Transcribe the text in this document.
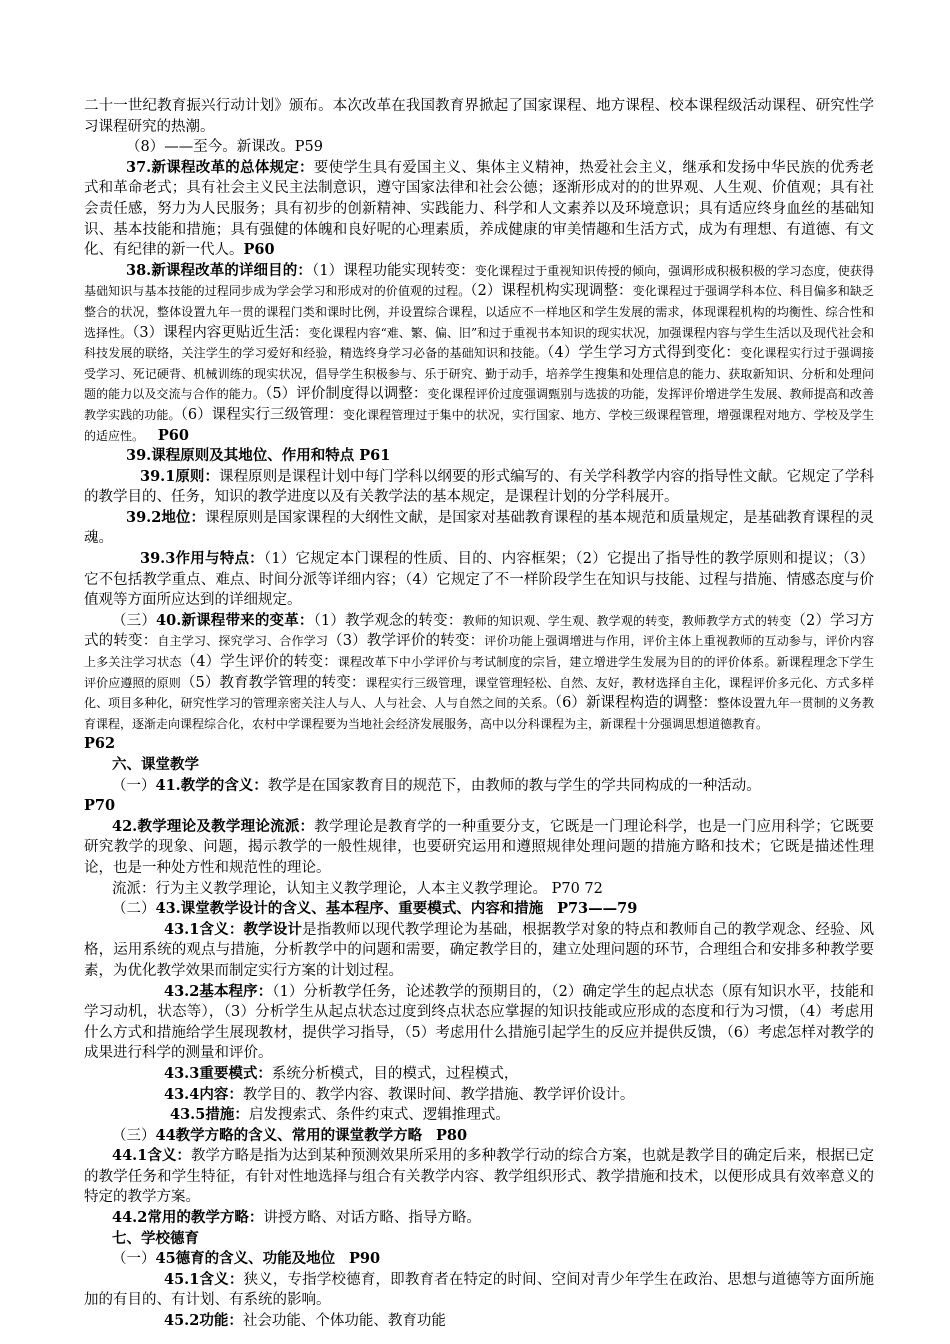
二十一世纪教育振兴行动计划》颁布。本次改革在我国教育界掀起了国家课程、地方课程、校本课程级活动课程、研究性学习课程研究的热潮。

（8）——至今。新课改。P59

37.新课程改革的总体规定：要使学生具有爱国主义、集体主义精神，热爱社会主义，继承和发扬中华民族的优秀老式和革命老式；具有社会主义民主法制意识，遵守国家法律和社会公德；逐渐形成对的的世界观、人生观、价值观；具有社会责任感，努力为人民服务；具有初步的创新精神、实践能力、科学和人文素养以及环境意识；具有适应终身血丝的基础知识、基本技能和措施；具有强健的体魄和良好呢的心理素质，养成健康的审美情趣和生活方式，成为有理想、有道德、有文化、有纪律的新一代人。P60

38.新课程改革的详细目的：（1）课程功能实现转变：变化课程过于重视知识传授的倾向，强调形成积极积极的学习态度，使获得基础知识与基本技能的过程同步成为学会学习和形成对的价值观的过程。（2）课程机构实现调整：变化课程过于强调学科本位、科目偏多和缺乏整合的状况，整体设置九年一贯的课程门类和课时比例，并设置综合课程，以适应不一样地区和学生发展的需求，体现课程机构的均衡性、综合性和选择性。（3）课程内容更贴近生活：变化课程内容“难、繁、偏、旧”和过于重视书本知识的现实状况，加强课程内容与学生生活以及现代社会和科技发展的联络，关注学生的学习爱好和经验，精选终身学习必备的基础知识和技能。（4）学生学习方式得到变化：变化课程实行过于强调接受学习、死记硬背、机械训练的现实状况，倡导学生积极参与、乐于研究、勤于动手，培养学生搜集和处理信息的能力、获取新知识、分析和处理问题的能力以及交流与合作的能力。（5）评价制度得以调整：变化课程评价过度强调甄别与选拔的功能，发挥评价增进学生发展、教师提高和改善教学实践的功能。（6）课程实行三级管理：变化课程管理过于集中的状况，实行国家、地方、学校三级课程管理，增强课程对地方、学校及学生的适应性。 P60

39.课程原则及其地位、作用和特点 P61

39.1原则：课程原则是课程计划中每门学科以纲要的形式编写的、有关学科教学内容的指导性文献。它规定了学科的教学目的、任务，知识的教学进度以及有关教学法的基本规定，是课程计划的分学科展开。

39.2地位：课程原则是国家课程的大纲性文献，是国家对基础教育课程的基本规范和质量规定，是基础教育课程的灵魂。

39.3作用与特点：（1）它规定本门课程的性质、目的、内容框架；（2）它提出了指导性的教学原则和提议；（3）它不包括教学重点、难点、时间分派等详细内容；（4）它规定了不一样阶段学生在知识与技能、过程与措施、情感态度与价值观等方面所应达到的详细规定。

（三）40.新课程带来的变革：（1）教学观念的转变：教师的知识观、学生观、教学观的转变，教师教学方式的转变（2）学习方式的转变：自主学习、探究学习、合作学习（3）教学评价的转变：评价功能上强调增进与作用，评价主体上重视教师的互动参与，评价内容上多关注学习状态（4）学生评价的转变：课程改革下中小学评价与考试制度的宗旨，建立增进学生发展为目的的评价体系。新课程理念下学生评价应遵照的原则（5）教育教学管理的转变：课程实行三级管理，课堂管理轻松、自然、友好，教材选择自主化，课程评价多元化、方式多样化、项目多种化，研究性学习的管理亲密关注人与人、人与社会、人与自然之间的关系。（6）新课程构造的调整：整体设置九年一贯制的义务教育课程，逐渐走向课程综合化，农村中学课程要为当地社会经济发展服务，高中以分科课程为主，新课程十分强调思想道德教育。
P62

六、课堂教学

（一）41.教学的含义：教学是在国家教育目的规范下，由教师的教与学生的学共同构成的一种活动。
P70

42.教学理论及教学理论流派：教学理论是教育学的一种重要分支，它既是一门理论科学，也是一门应用科学；它既要研究教学的现象、问题，揭示教学的一般性规律，也要研究运用和遵照规律处理问题的措施方略和技术；它既是描述性理论，也是一种处方性和规范性的理论。

流派：行为主义教学理论，认知主义教学理论，人本主义教学理论。 P70 72

（二）43.课堂教学设计的含义、基本程序、重要模式、内容和措施 P73——79

43.1含义：教学设计是指教师以现代教学理论为基础，根据教学对象的特点和教师自己的教学观念、经验、风格，运用系统的观点与措施，分析教学中的问题和需要，确定教学目的，建立处理问题的环节，合理组合和安排多种教学要素，为优化教学效果而制定实行方案的计划过程。

43.2基本程序：（1）分析教学任务，论述教学的预期目的，（2）确定学生的起点状态（原有知识水平，技能和学习动机，状态等），（3）分析学生从起点状态过度到终点状态应掌握的知识技能或应形成的态度和行为习惯，（4）考虑用什么方式和措施给学生展现教材，提供学习指导，（5）考虑用什么措施引起学生的反应并提供反馈，（6）考虑怎样对教学的成果进行科学的测量和评价。

43.3重要模式：系统分析模式，目的模式，过程模式，

43.4内容：教学目的、教学内容、教课时间、教学措施、教学评价设计。

43.5措施：启发搜索式、条件约束式、逻辑推理式。

（三）44教学方略的含义、常用的课堂教学方略 P80

44.1含义：教学方略是指为达到某种预测效果所采用的多种教学行动的综合方案，也就是教学目的确定后来，根据已定的教学任务和学生特征，有针对性地选择与组合有关教学内容、教学组织形式、教学措施和技术，以便形成具有效率意义的特定的教学方案。

44.2常用的教学方略：讲授方略、对话方略、指导方略。

七、学校德育

（一）45德育的含义、功能及地位 P90

45.1含义：狭义，专指学校德育，即教育者在特定的时间、空间对青少年学生在政治、思想与道德等方面所施加的有目的、有计划、有系统的影响。

45.2功能：社会功能、个体功能、教育功能
